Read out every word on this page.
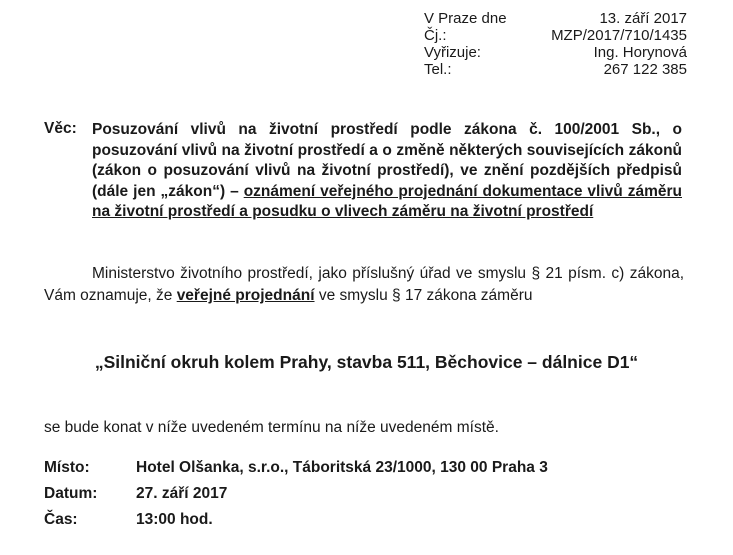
V Praze dne	13. září 2017
Čj.:	MZP/2017/710/1435
Vyřizuje:	Ing. Horynová
Tel.:	267 122 385
Věc: Posuzování vlivů na životní prostředí podle zákona č. 100/2001 Sb., o posuzování vlivů na životní prostředí a o změně některých souvisejících zákonů (zákon o posuzování vlivů na životní prostředí), ve znění pozdějších předpisů (dále jen „zákon“) – oznámení veřejného projednání dokumentace vlivů záměru na životní prostředí a posudku o vlivech záměru na životní prostředí
Ministerstvo životního prostředí, jako příslušný úřad ve smyslu § 21 písm. c) zákona, Vám oznamuje, že veřejné projednání ve smyslu § 17 zákona záměru
„Silniční okruh kolem Prahy, stavba 511, Běchovice – dálnice D1“
se bude konat v níže uvedeném termínu na níže uvedeném místě.
Místo:	Hotel Olšanka, s.r.o., Táboritská 23/1000, 130 00 Praha 3
Datum: 27. září 2017
Čas:	13:00 hod.
